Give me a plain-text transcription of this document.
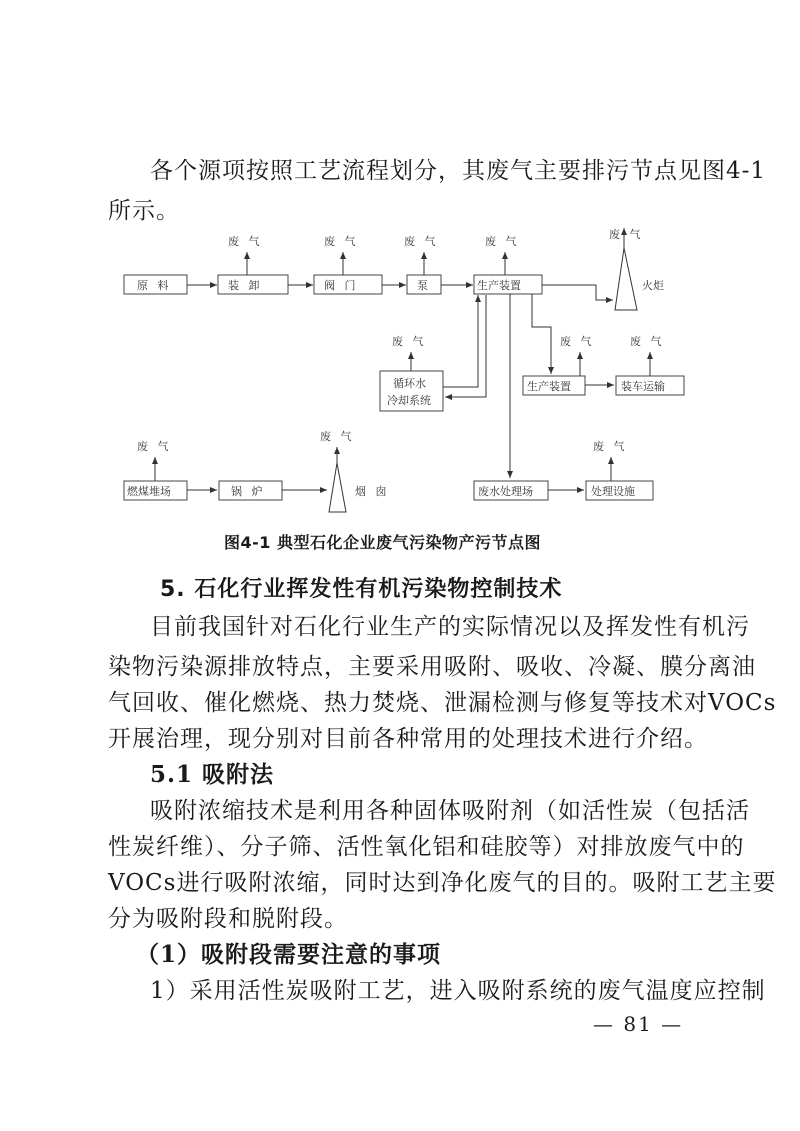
各个源项按照工艺流程划分，其废气主要排污节点见图4-1
所示。
原 料	装 卸	阀 门	泵	生产装置	火炬
废 气	废 气	废 气	废 气
废 气
循环水
冷却系统
废 气
生产装置	装车运输
废 气	废 气
燃煤堆场
废 气
锅 炉
废 气
烟 囱	废水处理场	处理设施
废 气
图4-1 典型石化企业废气污染物产污节点图
5. 石化行业挥发性有机污染物控制技术
目前我国针对石化行业生产的实际情况以及挥发性有机污
染物污染源排放特点，主要采用吸附、吸收、冷凝、膜分离油
气回收、催化燃烧、热力焚烧、泄漏检测与修复等技术对VOCs
开展治理，现分别对目前各种常用的处理技术进行介绍。
5.1 吸附法
吸附浓缩技术是利用各种固体吸附剂（如活性炭（包括活
性炭纤维）、分子筛、活性氧化铝和硅胶等）对排放废气中的
VOCs进行吸附浓缩，同时达到净化废气的目的。吸附工艺主要
分为吸附段和脱附段。
（1）吸附段需要注意的事项
1）采用活性炭吸附工艺，进入吸附系统的废气温度应控制
— 81 —
